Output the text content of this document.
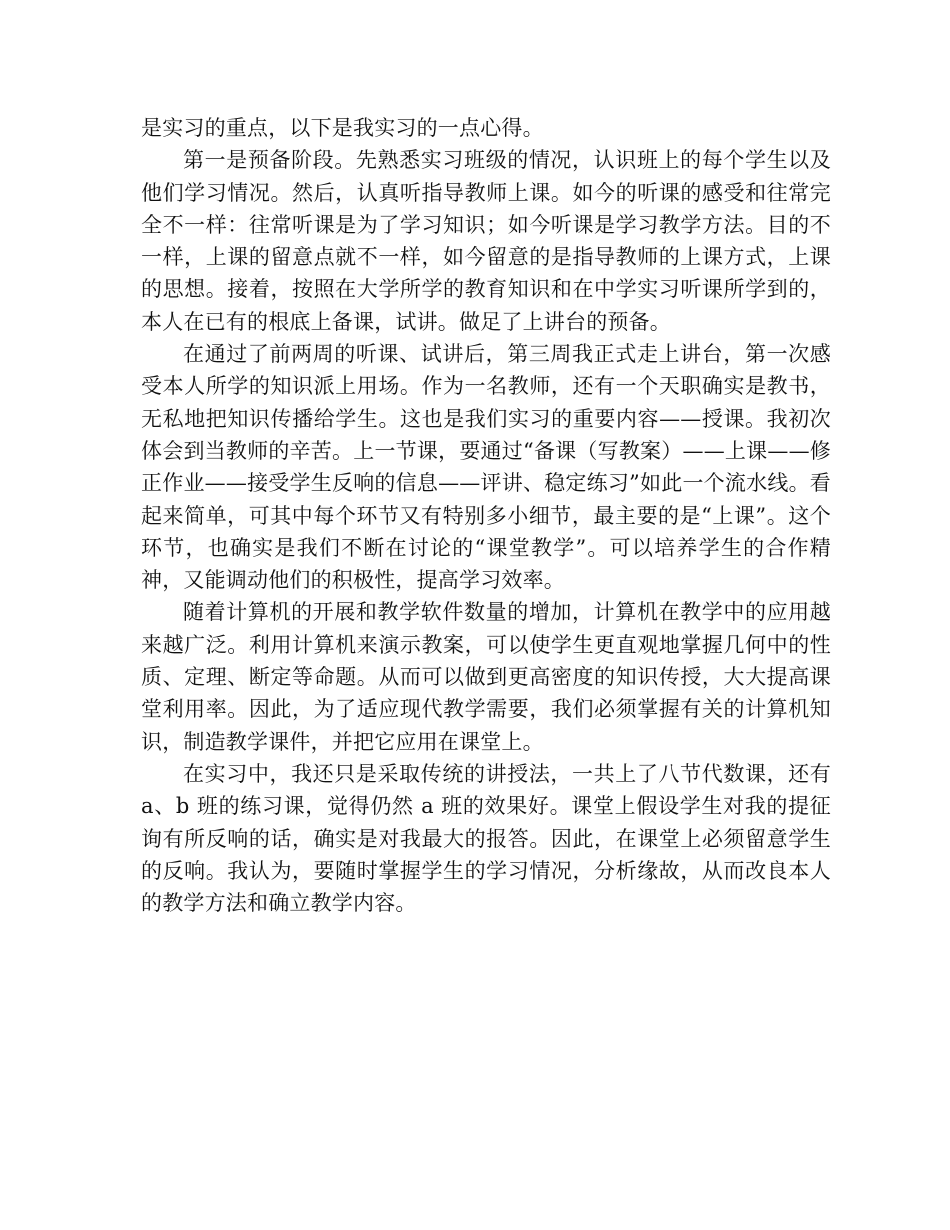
是实习的重点，以下是我实习的一点心得。

第一是预备阶段。先熟悉实习班级的情况，认识班上的每个学生以及他们学习情况。然后，认真听指导教师上课。如今的听课的感受和往常完全不一样：往常听课是为了学习知识；如今听课是学习教学方法。目的不一样，上课的留意点就不一样，如今留意的是指导教师的上课方式，上课的思想。接着，按照在大学所学的教育知识和在中学实习听课所学到的，本人在已有的根底上备课，试讲。做足了上讲台的预备。

在通过了前两周的听课、试讲后，第三周我正式走上讲台，第一次感受本人所学的知识派上用场。作为一名教师，还有一个天职确实是教书，无私地把知识传播给学生。这也是我们实习的重要内容——授课。我初次体会到当教师的辛苦。上一节课，要通过“备课（写教案）——上课——修正作业——接受学生反响的信息——评讲、稳定练习”如此一个流水线。看起来简单，可其中每个环节又有特别多小细节，最主要的是“上课”。这个环节，也确实是我们不断在讨论的“课堂教学”。可以培养学生的合作精神，又能调动他们的积极性，提高学习效率。

随着计算机的开展和教学软件数量的增加，计算机在教学中的应用越来越广泛。利用计算机来演示教案，可以使学生更直观地掌握几何中的性质、定理、断定等命题。从而可以做到更高密度的知识传授，大大提高课堂利用率。因此，为了适应现代教学需要，我们必须掌握有关的计算机知识，制造教学课件，并把它应用在课堂上。

在实习中，我还只是采取传统的讲授法，一共上了八节代数课，还有 a、b 班的练习课，觉得仍然 a 班的效果好。课堂上假设学生对我的提征询有所反响的话，确实是对我最大的报答。因此，在课堂上必须留意学生的反响。我认为，要随时掌握学生的学习情况，分析缘故，从而改良本人的教学方法和确立教学内容。
